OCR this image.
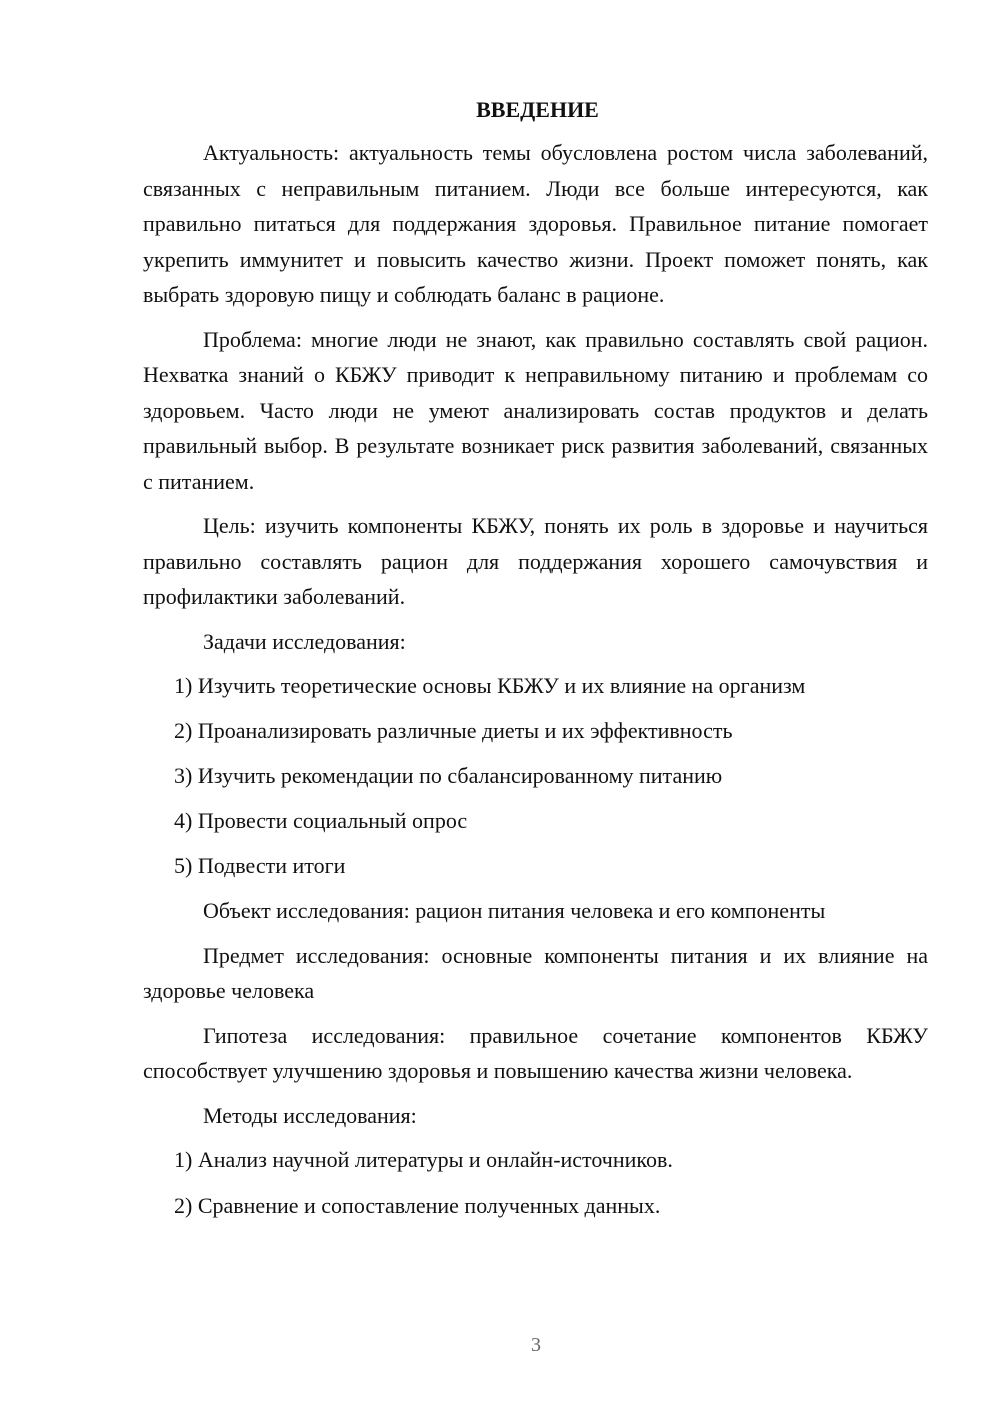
ВВЕДЕНИЕ

Актуальность: актуальность темы обусловлена ростом числа заболеваний, связанных с неправильным питанием. Люди все больше интересуются, как правильно питаться для поддержания здоровья. Правильное питание помогает укрепить иммунитет и повысить качество жизни. Проект поможет понять, как выбрать здоровую пищу и соблюдать баланс в рационе.

Проблема: многие люди не знают, как правильно составлять свой рацион. Нехватка знаний о КБЖУ приводит к неправильному питанию и проблемам со здоровьем. Часто люди не умеют анализировать состав продуктов и делать правильный выбор. В результате возникает риск развития заболеваний, связанных с питанием.

Цель: изучить компоненты КБЖУ, понять их роль в здоровье и научиться правильно составлять рацион для поддержания хорошего самочувствия и профилактики заболеваний.

Задачи исследования:

1) Изучить теоретические основы КБЖУ и их влияние на организм
2) Проанализировать различные диеты и их эффективность
3) Изучить рекомендации по сбалансированному питанию
4) Провести социальный опрос
5) Подвести итоги

Объект исследования: рацион питания человека и его компоненты

Предмет исследования: основные компоненты питания и их влияние на здоровье человека

Гипотеза исследования: правильное сочетание компонентов КБЖУ способствует улучшению здоровья и повышению качества жизни человека.

Методы исследования:

1) Анализ научной литературы и онлайн-источников.
2) Сравнение и сопоставление полученных данных.
3
